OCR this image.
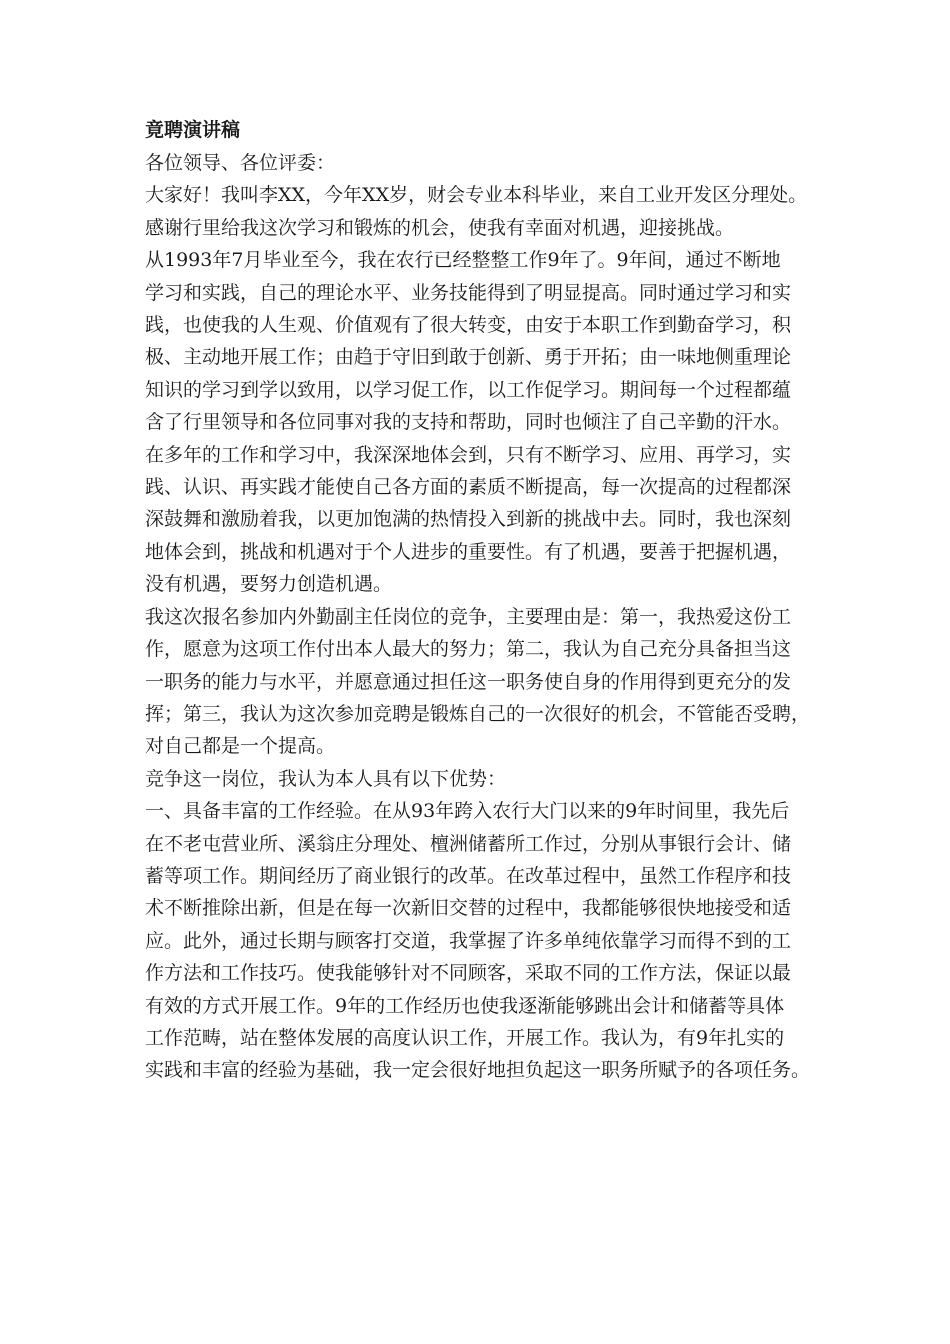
竟聘演讲稿
各位领导、各位评委：
大家好！我叫李XX，今年XX岁，财会专业本科毕业，来自工业开发区分理处。
感谢行里给我这次学习和锻炼的机会，使我有幸面对机遇，迎接挑战。
从1993年7月毕业至今，我在农行已经整整工作9年了。9年间，通过不断地
学习和实践，自己的理论水平、业务技能得到了明显提高。同时通过学习和实
践，也使我的人生观、价值观有了很大转变，由安于本职工作到勤奋学习，积
极、主动地开展工作；由趋于守旧到敢于创新、勇于开拓；由一味地侧重理论
知识的学习到学以致用，以学习促工作，以工作促学习。期间每一个过程都蕴
含了行里领导和各位同事对我的支持和帮助，同时也倾注了自己辛勤的汗水。
在多年的工作和学习中，我深深地体会到，只有不断学习、应用、再学习，实
践、认识、再实践才能使自己各方面的素质不断提高，每一次提高的过程都深
深鼓舞和激励着我，以更加饱满的热情投入到新的挑战中去。同时，我也深刻
地体会到，挑战和机遇对于个人进步的重要性。有了机遇，要善于把握机遇，
没有机遇，要努力创造机遇。
我这次报名参加内外勤副主任岗位的竞争，主要理由是：第一，我热爱这份工
作，愿意为这项工作付出本人最大的努力；第二，我认为自己充分具备担当这
一职务的能力与水平，并愿意通过担任这一职务使自身的作用得到更充分的发
挥；第三，我认为这次参加竞聘是锻炼自己的一次很好的机会，不管能否受聘，
对自己都是一个提高。
竞争这一岗位，我认为本人具有以下优势：
一、具备丰富的工作经验。在从93年跨入农行大门以来的9年时间里，我先后
在不老屯营业所、溪翁庄分理处、檀洲储蓄所工作过，分别从事银行会计、储
蓄等项工作。期间经历了商业银行的改革。在改革过程中，虽然工作程序和技
术不断推除出新，但是在每一次新旧交替的过程中，我都能够很快地接受和适
应。此外，通过长期与顾客打交道，我掌握了许多单纯依靠学习而得不到的工
作方法和工作技巧。使我能够针对不同顾客，采取不同的工作方法，保证以最
有效的方式开展工作。9年的工作经历也使我逐渐能够跳出会计和储蓄等具体
工作范畴，站在整体发展的高度认识工作，开展工作。我认为，有9年扎实的
实践和丰富的经验为基础，我一定会很好地担负起这一职务所赋予的各项任务。
